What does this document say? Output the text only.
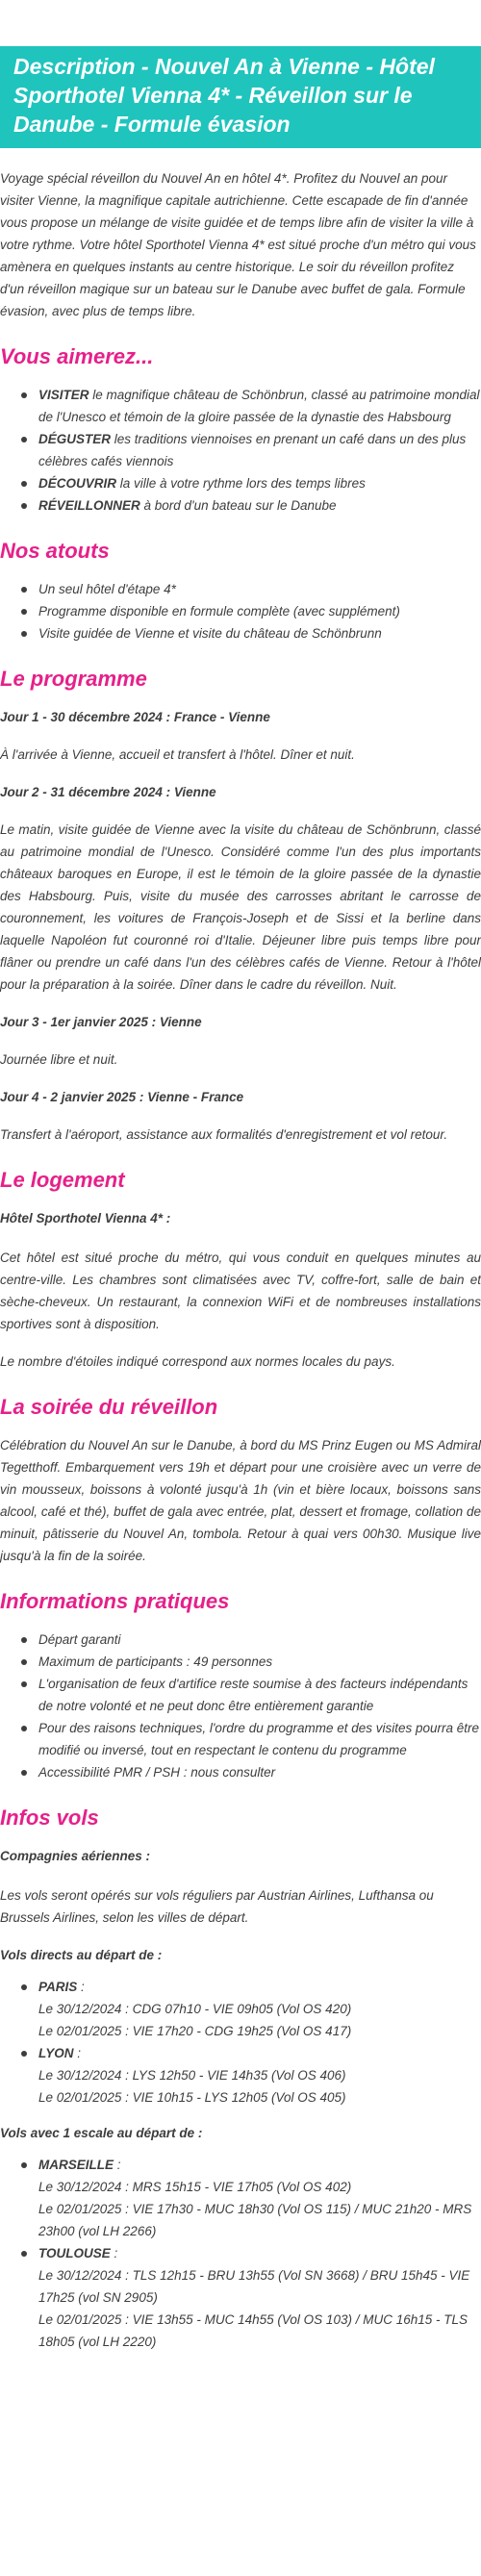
Description - Nouvel An à Vienne - Hôtel Sporthotel Vienna 4* - Réveillon sur le Danube - Formule évasion

Voyage spécial réveillon du Nouvel An en hôtel 4*. Profitez du Nouvel an pour visiter Vienne, la magnifique capitale autrichienne. Cette escapade de fin d'année vous propose un mélange de visite guidée et de temps libre afin de visiter la ville à votre rythme. Votre hôtel Sporthotel Vienna 4* est situé proche d'un métro qui vous amènera en quelques instants au centre historique. Le soir du réveillon profitez d'un réveillon magique sur un bateau sur le Danube avec buffet de gala. Formule évasion, avec plus de temps libre.

Vous aimerez...
VISITER le magnifique château de Schönbrun, classé au patrimoine mondial de l'Unesco et témoin de la gloire passée de la dynastie des Habsbourg
DÉGUSTER les traditions viennoises en prenant un café dans un des plus célèbres cafés viennois
DÉCOUVRIR la ville à votre rythme lors des temps libres
RÉVEILLONNER à bord d'un bateau sur le Danube
Nos atouts
Un seul hôtel d'étape 4*
Programme disponible en formule complète (avec supplément)
Visite guidée de Vienne et visite du château de Schönbrunn
Le programme
Jour 1 - 30 décembre 2024 : France - Vienne

À l'arrivée à Vienne, accueil et transfert à l'hôtel. Dîner et nuit.

Jour 2 - 31 décembre 2024 : Vienne

Le matin, visite guidée de Vienne avec la visite du château de Schönbrunn, classé au patrimoine mondial de l'Unesco. Considéré comme l'un des plus importants châteaux baroques en Europe, il est le témoin de la gloire passée de la dynastie des Habsbourg. Puis, visite du musée des carrosses abritant le carrosse de couronnement, les voitures de François-Joseph et de Sissi et la berline dans laquelle Napoléon fut couronné roi d'Italie. Déjeuner libre puis temps libre pour flâner ou prendre un café dans l'un des célèbres cafés de Vienne. Retour à l'hôtel pour la préparation à la soirée. Dîner dans le cadre du réveillon. Nuit.

Jour 3 - 1er janvier 2025 : Vienne

Journée libre et nuit.

Jour 4 - 2 janvier 2025 : Vienne - France

Transfert à l'aéroport, assistance aux formalités d'enregistrement et vol retour.

Le logement
Hôtel Sporthotel Vienna 4* :

Cet hôtel est situé proche du métro, qui vous conduit en quelques minutes au centre-ville. Les chambres sont climatisées avec TV, coffre-fort, salle de bain et sèche-cheveux. Un restaurant, la connexion WiFi et de nombreuses installations sportives sont à disposition.

Le nombre d'étoiles indiqué correspond aux normes locales du pays.

La soirée du réveillon

Célébration du Nouvel An sur le Danube, à bord du MS Prinz Eugen ou MS Admiral Tegetthoff. Embarquement vers 19h et départ pour une croisière avec un verre de vin mousseux, boissons à volonté jusqu'à 1h (vin et bière locaux, boissons sans alcool, café et thé), buffet de gala avec entrée, plat, dessert et fromage, collation de minuit, pâtisserie du Nouvel An, tombola. Retour à quai vers 00h30. Musique live jusqu'à la fin de la soirée.

Informations pratiques
Départ garanti
Maximum de participants : 49 personnes
L'organisation de feux d'artifice reste soumise à des facteurs indépendants de notre volonté et ne peut donc être entièrement garantie
Pour des raisons techniques, l'ordre du programme et des visites pourra être modifié ou inversé, tout en respectant le contenu du programme
Accessibilité PMR / PSH : nous consulter
Infos vols
Compagnies aériennes :

Les vols seront opérés sur vols réguliers par Austrian Airlines, Lufthansa ou Brussels Airlines, selon les villes de départ.

Vols directs au départ de :
PARIS :
Le 30/12/2024 : CDG 07h10 - VIE 09h05 (Vol OS 420)
Le 02/01/2025 : VIE 17h20 - CDG 19h25 (Vol OS 417)
LYON :
Le 30/12/2024 : LYS 12h50 - VIE 14h35 (Vol OS 406)
Le 02/01/2025 : VIE 10h15 - LYS 12h05 (Vol OS 405)
Vols avec 1 escale au départ de :
MARSEILLE :
Le 30/12/2024 : MRS 15h15 - VIE 17h05 (Vol OS 402)
Le 02/01/2025 : VIE 17h30 - MUC 18h30 (Vol OS 115) / MUC 21h20 - MRS 23h00 (vol LH 2266)
TOULOUSE :
Le 30/12/2024 : TLS 12h15 - BRU 13h55 (Vol SN 3668) / BRU 15h45 - VIE 17h25 (vol SN 2905)
Le 02/01/2025 : VIE 13h55 - MUC 14h55 (Vol OS 103) / MUC 16h15 - TLS 18h05 (vol LH 2220)
